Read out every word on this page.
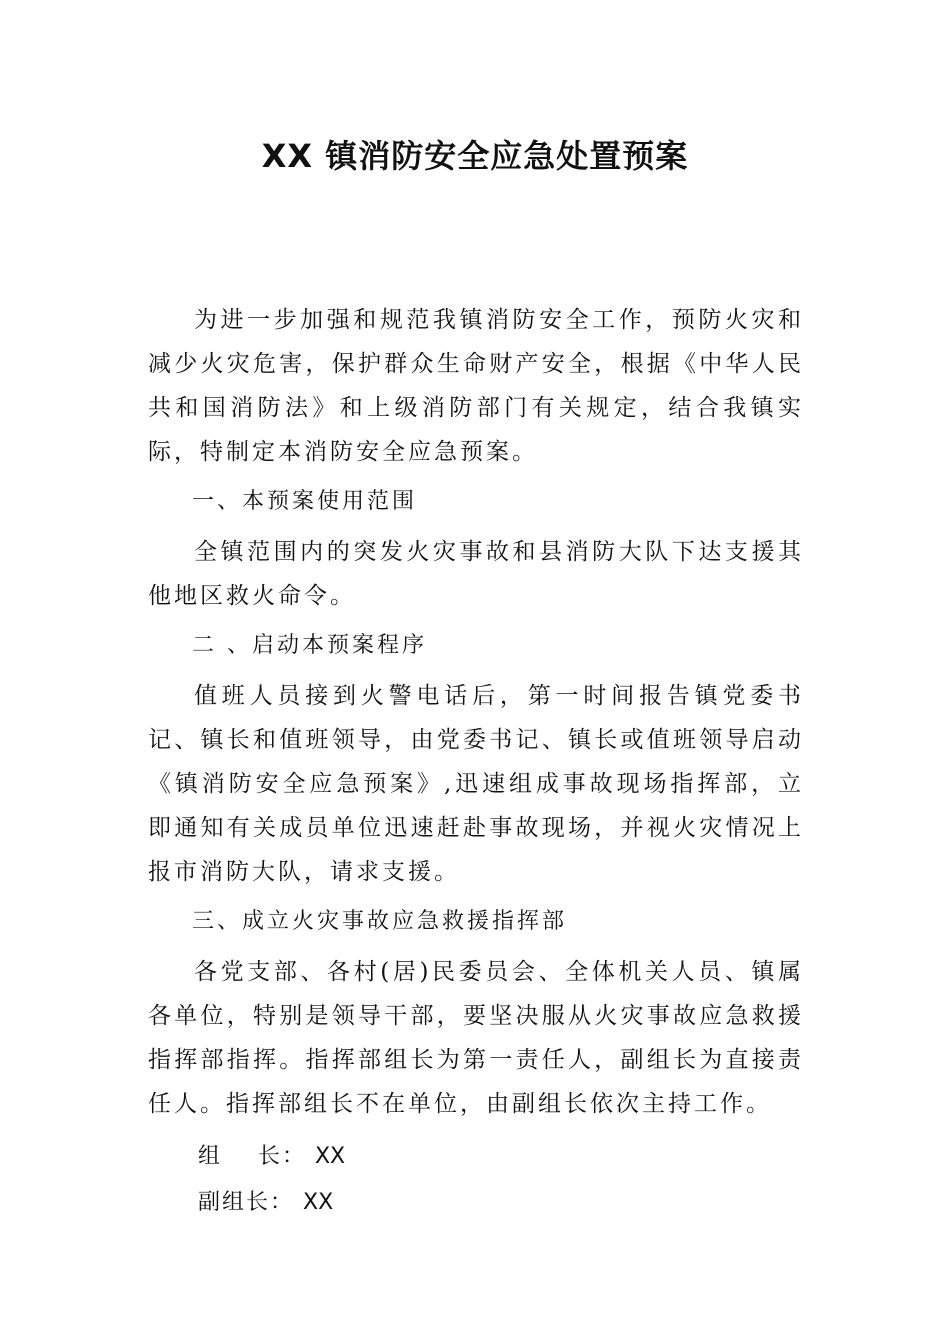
XX 镇消防安全应急处置预案

为进一步加强和规范我镇消防安全工作，预防火灾和减少火灾危害，保护群众生命财产安全，根据《中华人民共和国消防法》和上级消防部门有关规定，结合我镇实际，特制定本消防安全应急预案。

一、本预案使用范围

全镇范围内的突发火灾事故和县消防大队下达支援其他地区救火命令。

二 、启动本预案程序

值班人员接到火警电话后，第一时间报告镇党委书记、镇长和值班领导，由党委书记、镇长或值班领导启动《镇消防安全应急预案》,迅速组成事故现场指挥部，立即通知有关成员单位迅速赶赴事故现场，并视火灾情况上报市消防大队，请求支援。

三、成立火灾事故应急救援指挥部

各党支部、各村(居)民委员会、全体机关人员、镇属各单位，特别是领导干部，要坚决服从火灾事故应急救援指挥部指挥。指挥部组长为第一责任人，副组长为直接责任人。指挥部组长不在单位，由副组长依次主持工作。

组    长： XX

副组长： XX
